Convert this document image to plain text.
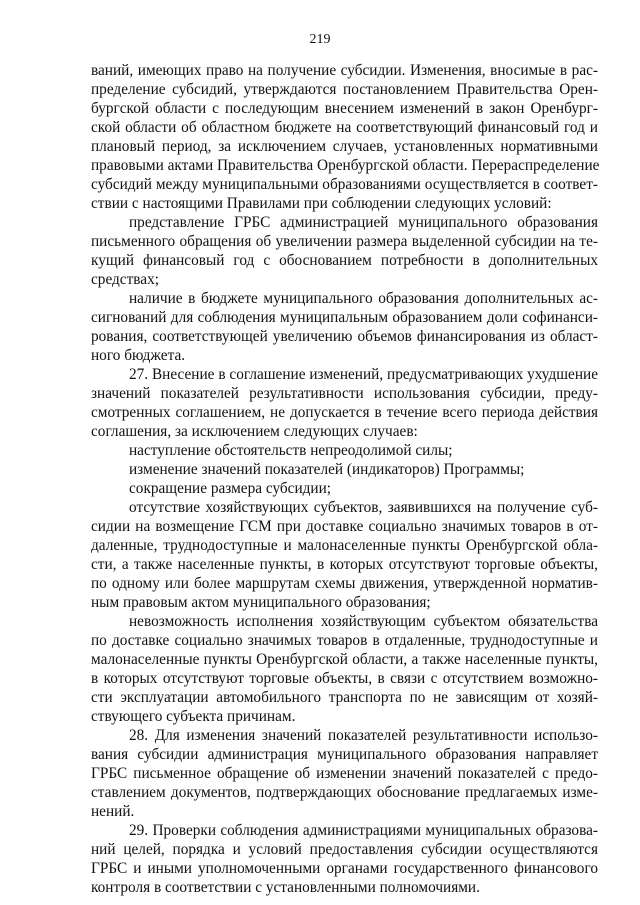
219
ваний, имеющих право на получение субсидии. Изменения, вносимые в рас-
пределение субсидий, утверждаются постановлением Правительства Орен-
бургской области с последующим внесением изменений в закон Оренбург-
ской области об областном бюджете на соответствующий финансовый год и
плановый период, за исключением случаев, установленных нормативными
правовыми актами Правительства Оренбургской области. Перераспределение
субсидий между муниципальными образованиями осуществляется в соответ-
ствии с настоящими Правилами при соблюдении следующих условий:
представление ГРБС администрацией муниципального образования
письменного обращения об увеличении размера выделенной субсидии на те-
кущий финансовый год с обоснованием потребности в дополнительных
средствах;
наличие в бюджете муниципального образования дополнительных ас-
сигнований для соблюдения муниципальным образованием доли софинанси-
рования, соответствующей увеличению объемов финансирования из област-
ного бюджета.
27. Внесение в соглашение изменений, предусматривающих ухудшение
значений показателей результативности использования субсидии, преду-
смотренных соглашением, не допускается в течение всего периода действия
соглашения, за исключением следующих случаев:
наступление обстоятельств непреодолимой силы;
изменение значений показателей (индикаторов) Программы;
сокращение размера субсидии;
отсутствие хозяйствующих субъектов, заявившихся на получение суб-
сидии на возмещение ГСМ при доставке социально значимых товаров в от-
даленные, труднодоступные и малонаселенные пункты Оренбургской обла-
сти, а также населенные пункты, в которых отсутствуют торговые объекты,
по одному или более маршрутам схемы движения, утвержденной норматив-
ным правовым актом муниципального образования;
невозможность исполнения хозяйствующим субъектом обязательства
по доставке социально значимых товаров в отдаленные, труднодоступные и
малонаселенные пункты Оренбургской области, а также населенные пункты,
в которых отсутствуют торговые объекты, в связи с отсутствием возможно-
сти эксплуатации автомобильного транспорта по не зависящим от хозяй-
ствующего субъекта причинам.
28. Для изменения значений показателей результативности использо-
вания субсидии администрация муниципального образования направляет
ГРБС письменное обращение об изменении значений показателей с предо-
ставлением документов, подтверждающих обоснование предлагаемых изме-
нений.
29. Проверки соблюдения администрациями муниципальных образова-
ний целей, порядка и условий предоставления субсидии осуществляются
ГРБС и иными уполномоченными органами государственного финансового
контроля в соответствии с установленными полномочиями.
